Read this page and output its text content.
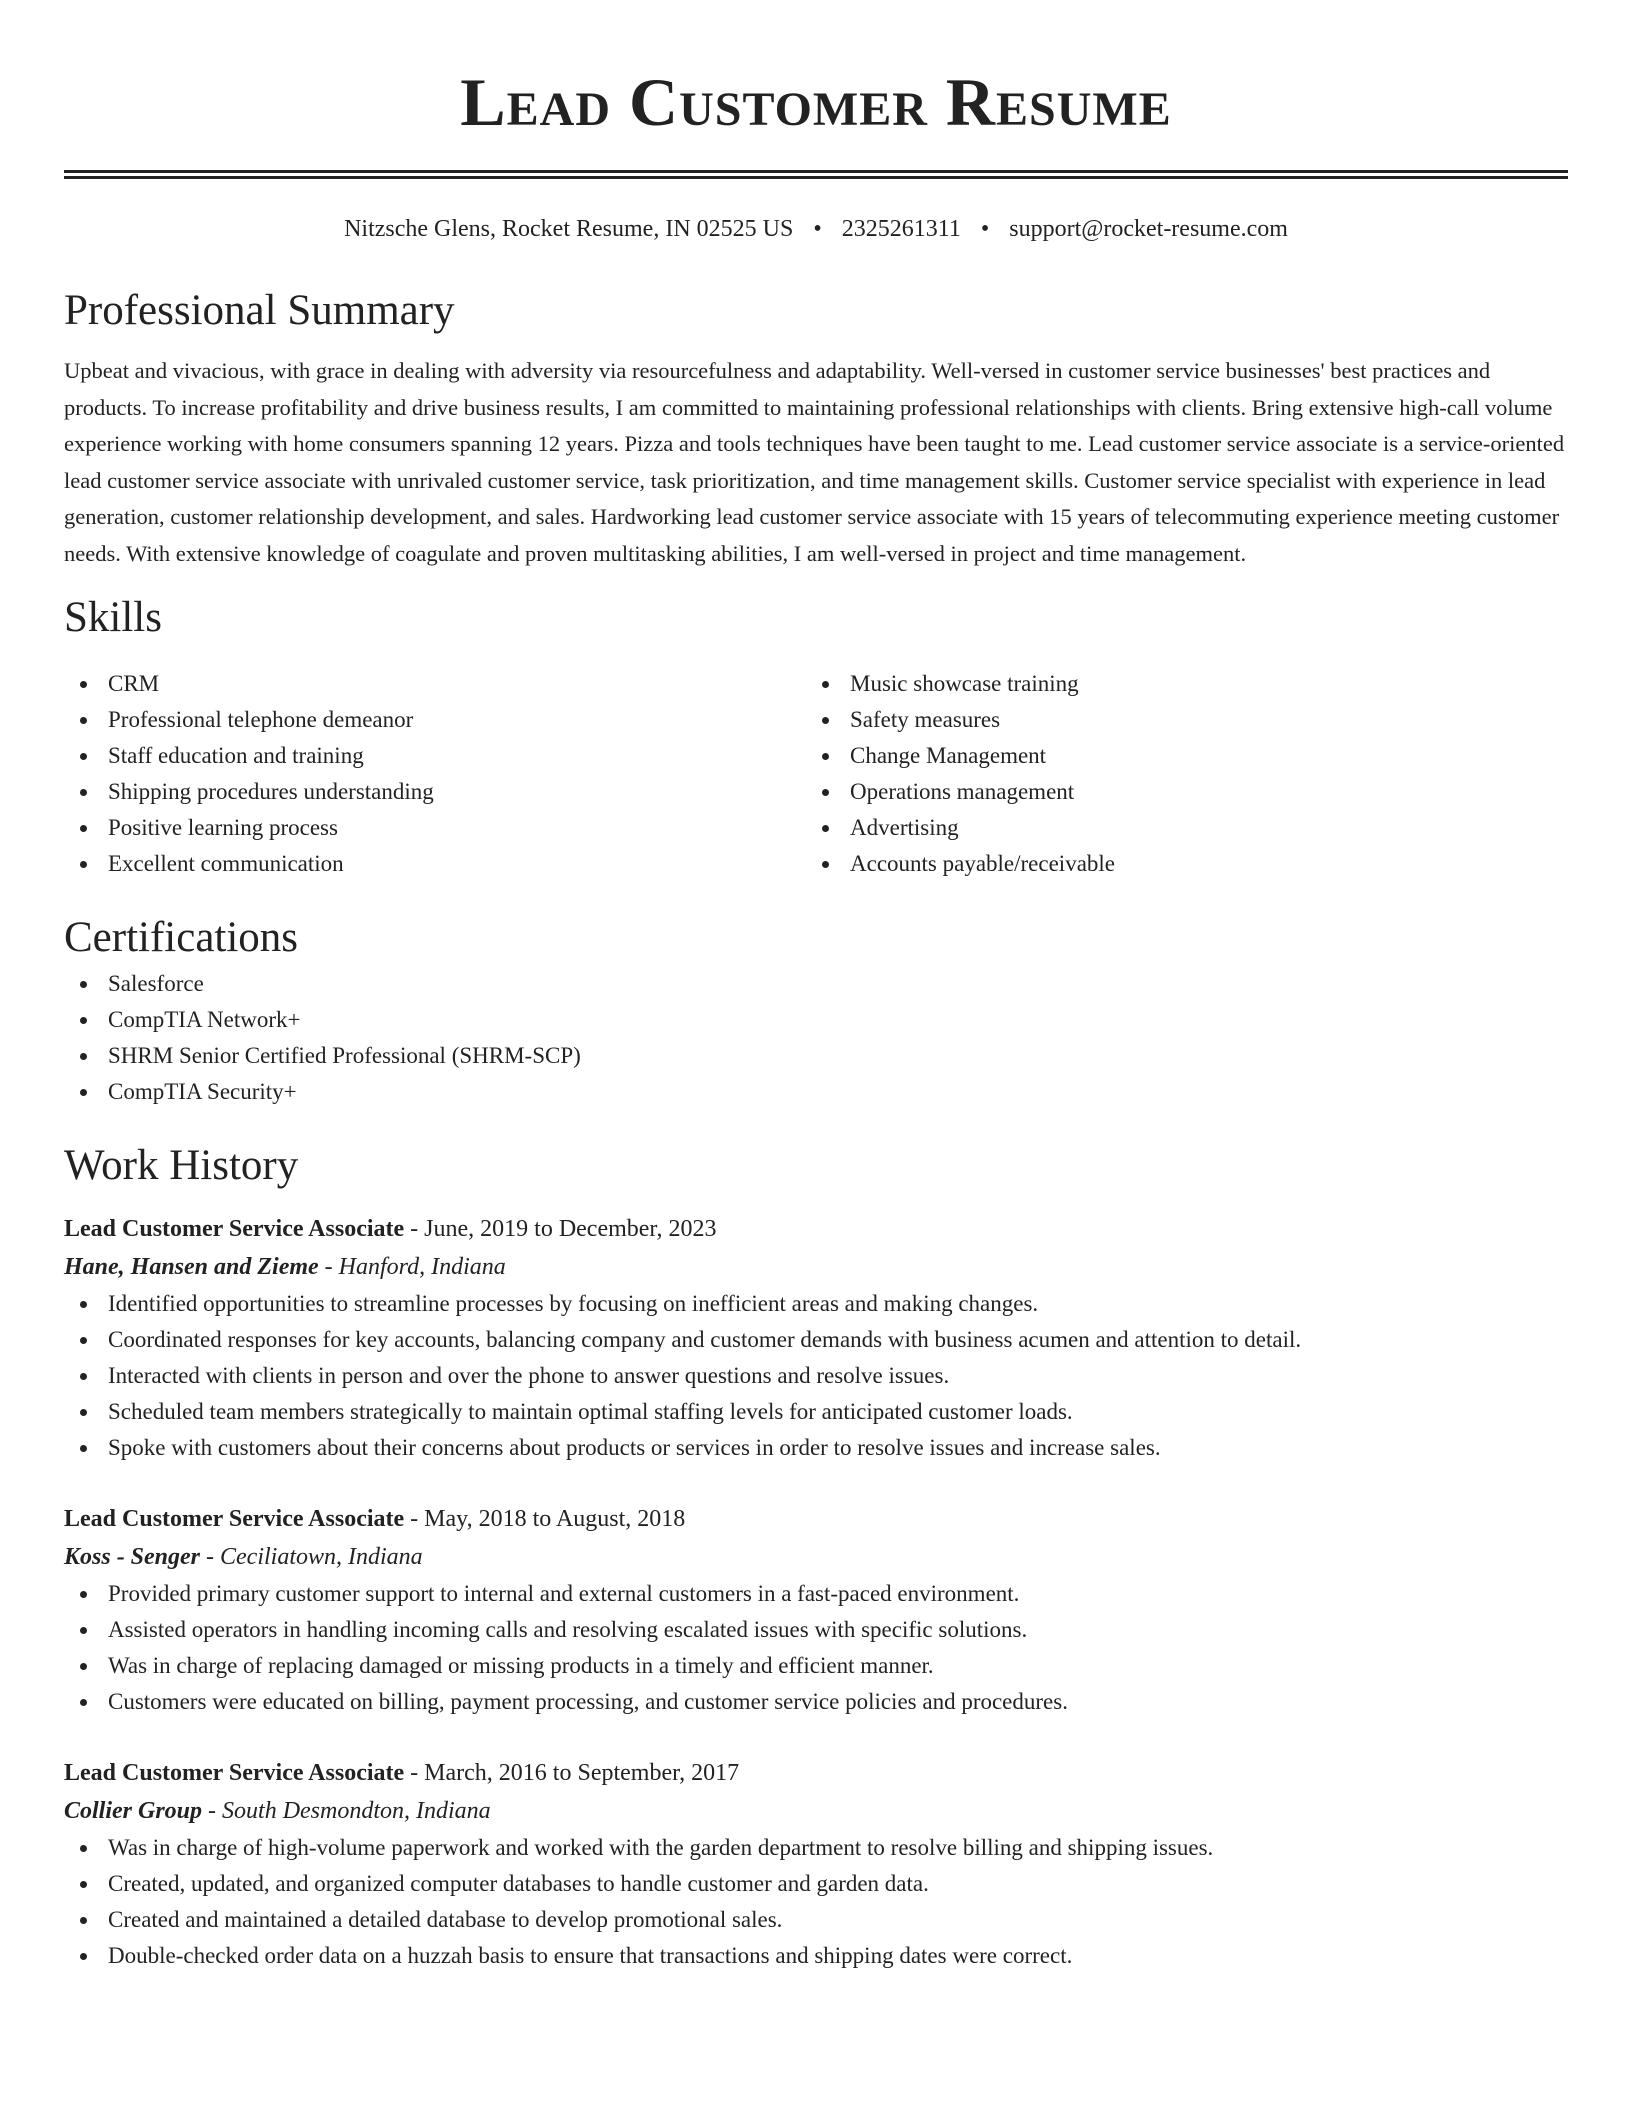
Lead Customer Resume
Nitzsche Glens, Rocket Resume, IN 02525 US • 2325261311 • support@rocket-resume.com
Professional Summary
Upbeat and vivacious, with grace in dealing with adversity via resourcefulness and adaptability. Well-versed in customer service businesses' best practices and products. To increase profitability and drive business results, I am committed to maintaining professional relationships with clients. Bring extensive high-call volume experience working with home consumers spanning 12 years. Pizza and tools techniques have been taught to me. Lead customer service associate is a service-oriented lead customer service associate with unrivaled customer service, task prioritization, and time management skills. Customer service specialist with experience in lead generation, customer relationship development, and sales. Hardworking lead customer service associate with 15 years of telecommuting experience meeting customer needs. With extensive knowledge of coagulate and proven multitasking abilities, I am well-versed in project and time management.
Skills
CRM
Professional telephone demeanor
Staff education and training
Shipping procedures understanding
Positive learning process
Excellent communication
Music showcase training
Safety measures
Change Management
Operations management
Advertising
Accounts payable/receivable
Certifications
Salesforce
CompTIA Network+
SHRM Senior Certified Professional (SHRM-SCP)
CompTIA Security+
Work History
Lead Customer Service Associate - June, 2019 to December, 2023
Hane, Hansen and Zieme - Hanford, Indiana
Identified opportunities to streamline processes by focusing on inefficient areas and making changes.
Coordinated responses for key accounts, balancing company and customer demands with business acumen and attention to detail.
Interacted with clients in person and over the phone to answer questions and resolve issues.
Scheduled team members strategically to maintain optimal staffing levels for anticipated customer loads.
Spoke with customers about their concerns about products or services in order to resolve issues and increase sales.
Lead Customer Service Associate - May, 2018 to August, 2018
Koss - Senger - Ceciliatown, Indiana
Provided primary customer support to internal and external customers in a fast-paced environment.
Assisted operators in handling incoming calls and resolving escalated issues with specific solutions.
Was in charge of replacing damaged or missing products in a timely and efficient manner.
Customers were educated on billing, payment processing, and customer service policies and procedures.
Lead Customer Service Associate - March, 2016 to September, 2017
Collier Group - South Desmondton, Indiana
Was in charge of high-volume paperwork and worked with the garden department to resolve billing and shipping issues.
Created, updated, and organized computer databases to handle customer and garden data.
Created and maintained a detailed database to develop promotional sales.
Double-checked order data on a huzzah basis to ensure that transactions and shipping dates were correct.
